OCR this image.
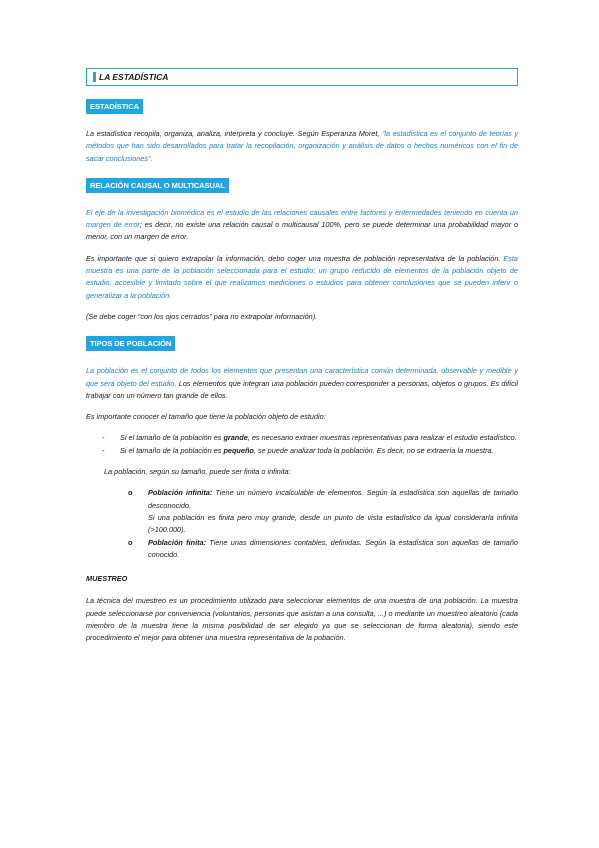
LA ESTADÍSTICA
ESTADÍSTICA

La estadística recopila, organiza, analiza, interpreta y concluye. Según Esperanza Moret, “la estadística es el conjunto de teorías y métodos que han sido desarrollados para tratar la recopilación, organización y análisis de datos o hechos numéricos con el fin de sacar conclusiones”.

RELACIÓN CAUSAL O MULTICASUAL

El eje de la investigación biomédica es el estudio de las relaciones causales entre factores y enfermedades teniendo en cuenta un margen de error; es decir, no existe una relación causal o multicausal 100%, pero se puede determinar una probabilidad mayor o menor, con un margen de error.

Es importante que si quiero extrapolar la información, debo coger una muestra de población representativa de la población. Esta muestra es una parte de la población seleccionada para el estudio; un grupo reducido de elementos de la población objeto de estudio, accesible y limitado sobre el que realizamos mediciones o estudios para obtener conclusiones que se pueden inferir o generalizar a la población.

(Se debe coger “con los ojos cerrados” para no extrapolar información).

TIPOS DE POBLACIÓN

La población es el conjunto de todos los elementos que presentan una característica común determinada, observable y medible y que será objeto del estudio. Los elementos que integran una población pueden corresponder a personas, objetos o grupos. Es difícil trabajar con un número tan grande de ellos.

Es importante conocer el tamaño que tiene la población objeto de estudio:

- Si el tamaño de la población es grande, es necesario extraer muestras representativas para realizar el estudio estadístico.
- Si el tamaño de la población es pequeño, se puede analizar toda la población. Es decir, no se extraería la muestra.

La población, según su tamaño, puede ser finita o infinita:

o Población infinita: Tiene un número incalculable de elementos. Según la estadística son aquellas de tamaño desconocido.
Si una población es finita pero muy grande, desde un punto de vista estadístico da igual considerarla infinita (>100.000).
o Población finita: Tiene unas dimensiones contables, definidas. Según la estadística son aquellas de tamaño conocido.

MUESTREO

La técnica del muestreo es un procedimiento utilizado para seleccionar elementos de una muestra de una población. La muestra puede seleccionarse por conveniencia (voluntarios, personas que asistan a una consulta, ...) o mediante un muestreo aleatorio (cada miembro de la muestra tiene la misma posibilidad de ser elegido ya que se seleccionan de forma aleatoria), siendo este procedimiento el mejor para obtener una muestra representativa de la pobación.
